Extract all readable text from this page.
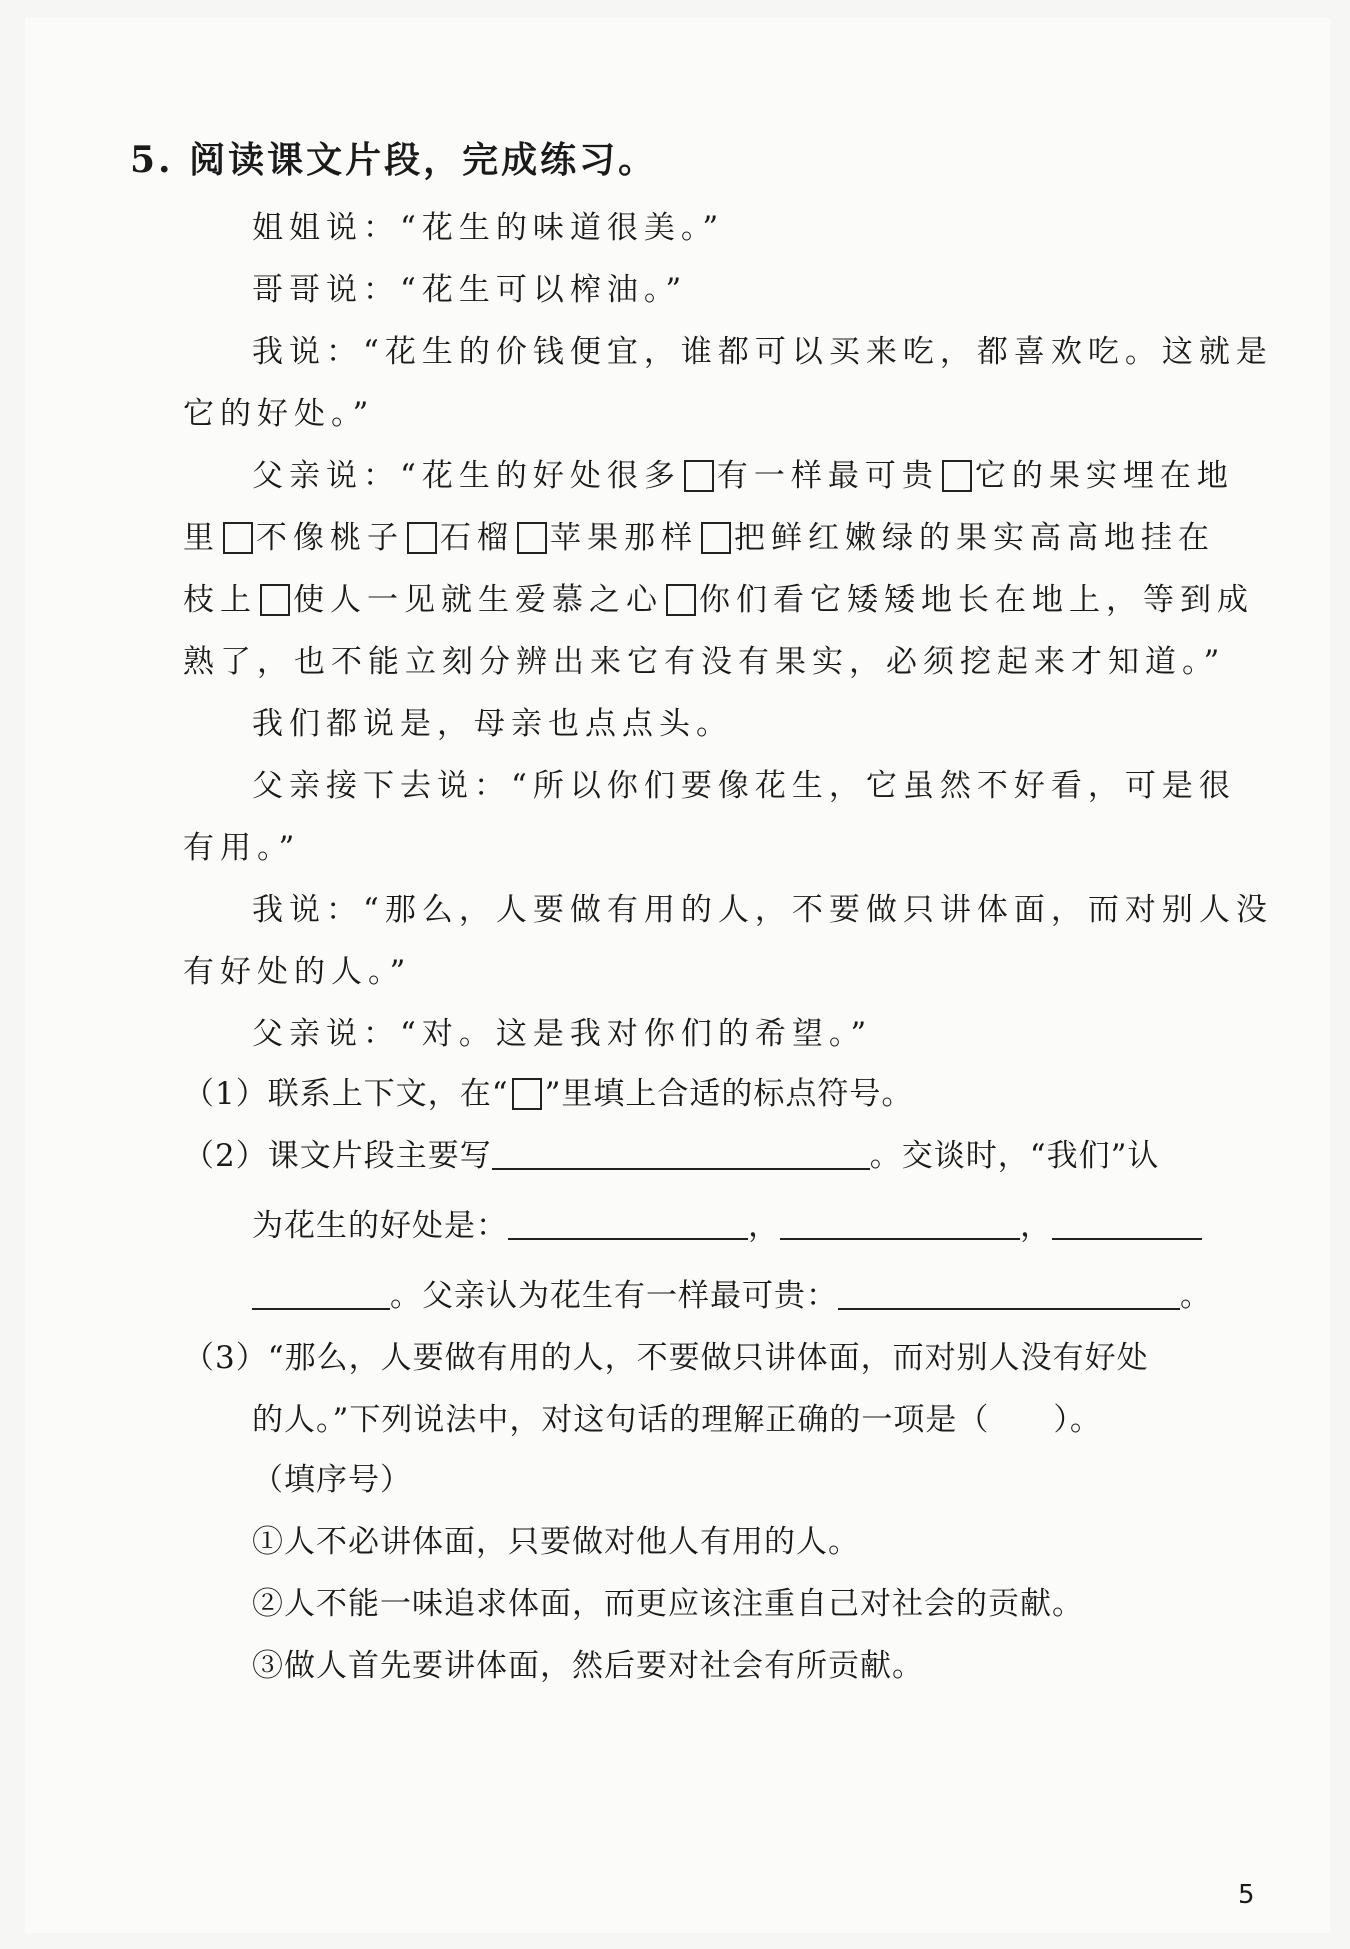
5. 阅读课文片段，完成练习。
姐姐说：“花生的味道很美。”
哥哥说：“花生可以榨油。”
我说：“花生的价钱便宜，谁都可以买来吃，都喜欢吃。这就是
它的好处。”
父亲说：“花生的好处很多 有一样最可贵 它的果实埋在地
里 不像桃子 石榴 苹果那样 把鲜红嫩绿的果实高高地挂在
枝上 使人一见就生爱慕之心 你们看它矮矮地长在地上，等到成
熟了，也不能立刻分辨出来它有没有果实，必须挖起来才知道。”
我们都说是，母亲也点点头。
父亲接下去说：“所以你们要像花生，它虽然不好看，可是很
有用。”
我说：“那么，人要做有用的人，不要做只讲体面，而对别人没
有好处的人。”
父亲说：“对。这是我对你们的希望。”
（1）联系上下文，在“ ”里填上合适的标点符号。
（2）课文片段主要写	。交谈时，“我们”认
为花生的好处是：	，	，
。父亲认为花生有一样最可贵：	。
（3）“那么，人要做有用的人，不要做只讲体面，而对别人没有好处
的人。”下列说法中，对这句话的理解正确的一项是（　　）。
（填序号）
①人不必讲体面，只要做对他人有用的人。
②人不能一味追求体面，而更应该注重自己对社会的贡献。
③做人首先要讲体面，然后要对社会有所贡献。
5
